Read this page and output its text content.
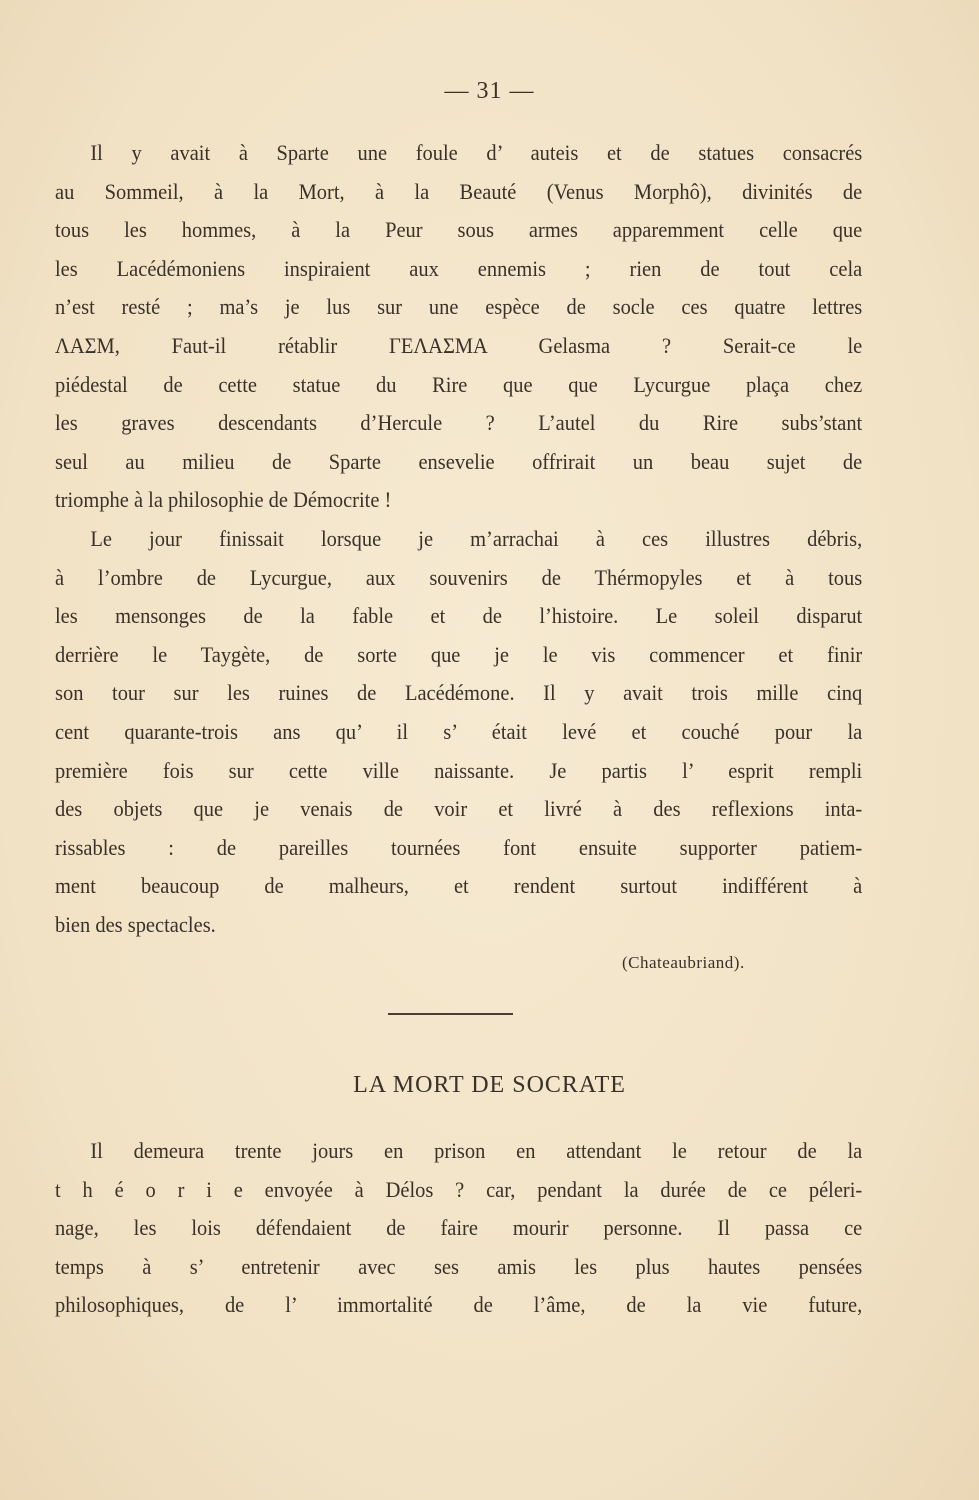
— 31 —
Il y avait à Sparte une foule d’ auteis et de statues consacrés
au Sommeil, à la Mort, à la Beauté (Venus Morphô), divinités de
tous les hommes, à la Peur sous armes apparemment celle que
les Lacédémoniens inspiraient aux ennemis ; rien de tout cela
n’est resté ; ma’s je lus sur une espèce de socle ces quatre lettres
ΛΑΣΜ, Faut-il rétablir ΓΕΛΑΣΜΑ Gelasma ? Serait-ce le
piédestal de cette statue du Rire que que Lycurgue plaça chez
les graves descendants d’Hercule ? L’autel du Rire subs’stant
seul au milieu de Sparte ensevelie offrirait un beau sujet de
triomphe à la philosophie de Démocrite !
Le jour finissait lorsque je m’arrachai à ces illustres débris,
à l’ombre de Lycurgue, aux souvenirs de Thérmopyles et à tous
les mensonges de la fable et de l’histoire. Le soleil disparut
derrière le Taygète, de sorte que je le vis commencer et finir
son tour sur les ruines de Lacédémone. Il y avait trois mille cinq
cent quarante-trois ans qu’ il s’ était levé et couché pour la
première fois sur cette ville naissante. Je partis l’ esprit rempli
des objets que je venais de voir et livré à des reflexions inta-
rissables : de pareilles tournées font ensuite supporter patiem-
ment beaucoup de malheurs, et rendent surtout indifférent à
bien des spectacles.
(Chateaubriand).
LA MORT DE SOCRATE
Il demeura trente jours en prison en attendant le retour de la
t h é o r i e envoyée à Délos ? car, pendant la durée de ce péleri-
nage, les lois défendaient de faire mourir personne. Il passa ce
temps à s’ entretenir avec ses amis les plus hautes pensées
philosophiques, de l’ immortalité de l’âme, de la vie future,
